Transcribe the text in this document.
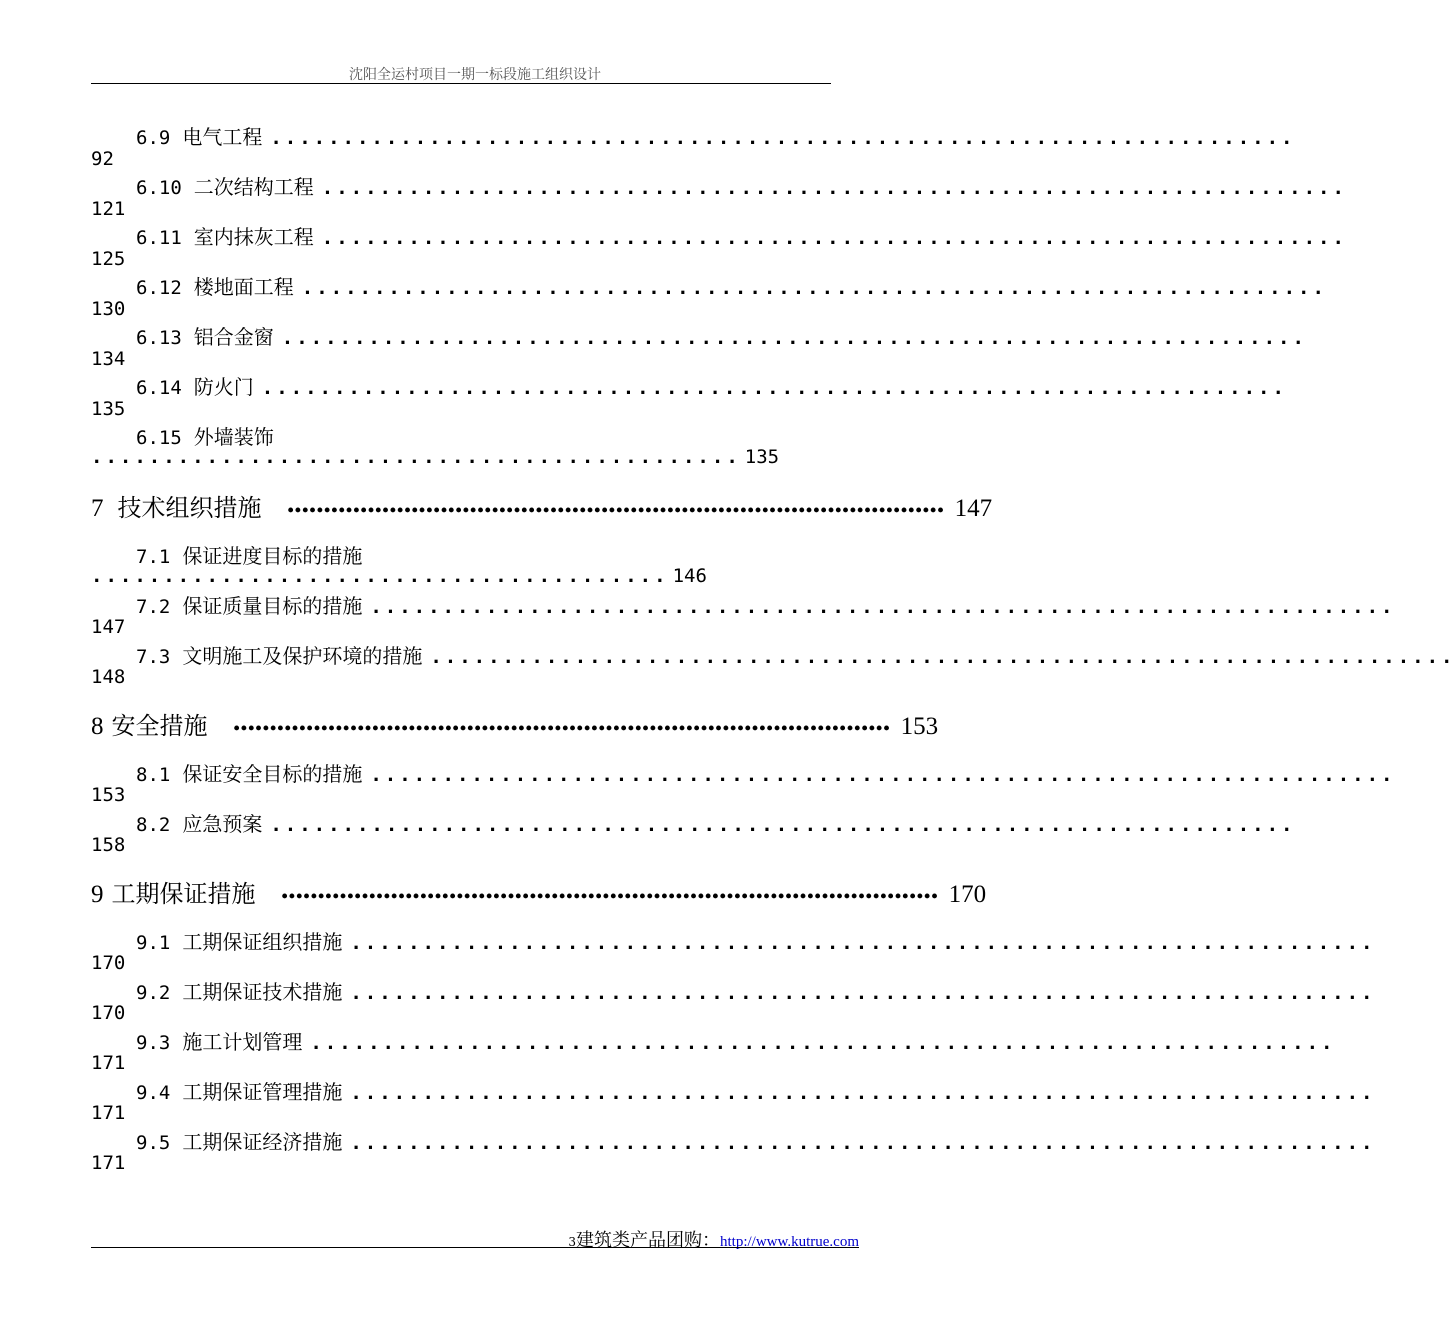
沈阳全运村项目一期一标段施工组织设计
6.9 电气工程 .......................................................................
92
6.10 二次结构工程 .......................................................................
121
6.11 室内抹灰工程 .......................................................................
125
6.12 楼地面工程 .......................................................................
130
6.13 铝合金窗 .......................................................................
134
6.14 防火门 .......................................................................
135
6.15 外墙装饰
............................................. 135
7 技术组织措施 •••••••••••••••••••••••••••••••••••••••••••••••••••••••••••••••••••••••••••••••••••••••••• 147
7.1 保证进度目标的措施
........................................ 146
7.2 保证质量目标的措施 .......................................................................
147
7.3 文明施工及保护环境的措施 .......................................................................
148
8 安全措施 •••••••••••••••••••••••••••••••••••••••••••••••••••••••••••••••••••••••••••••••••••••••••• 153
8.1 保证安全目标的措施 .......................................................................
153
8.2 应急预案 .......................................................................
158
9 工期保证措施 •••••••••••••••••••••••••••••••••••••••••••••••••••••••••••••••••••••••••••••••••••••••••• 170
9.1 工期保证组织措施 .......................................................................
170
9.2 工期保证技术措施 .......................................................................
170
9.3 施工计划管理 .......................................................................
171
9.4 工期保证管理措施 .......................................................................
171
9.5 工期保证经济措施 .......................................................................
171
3建筑类产品团购：http://www.kutrue.com
